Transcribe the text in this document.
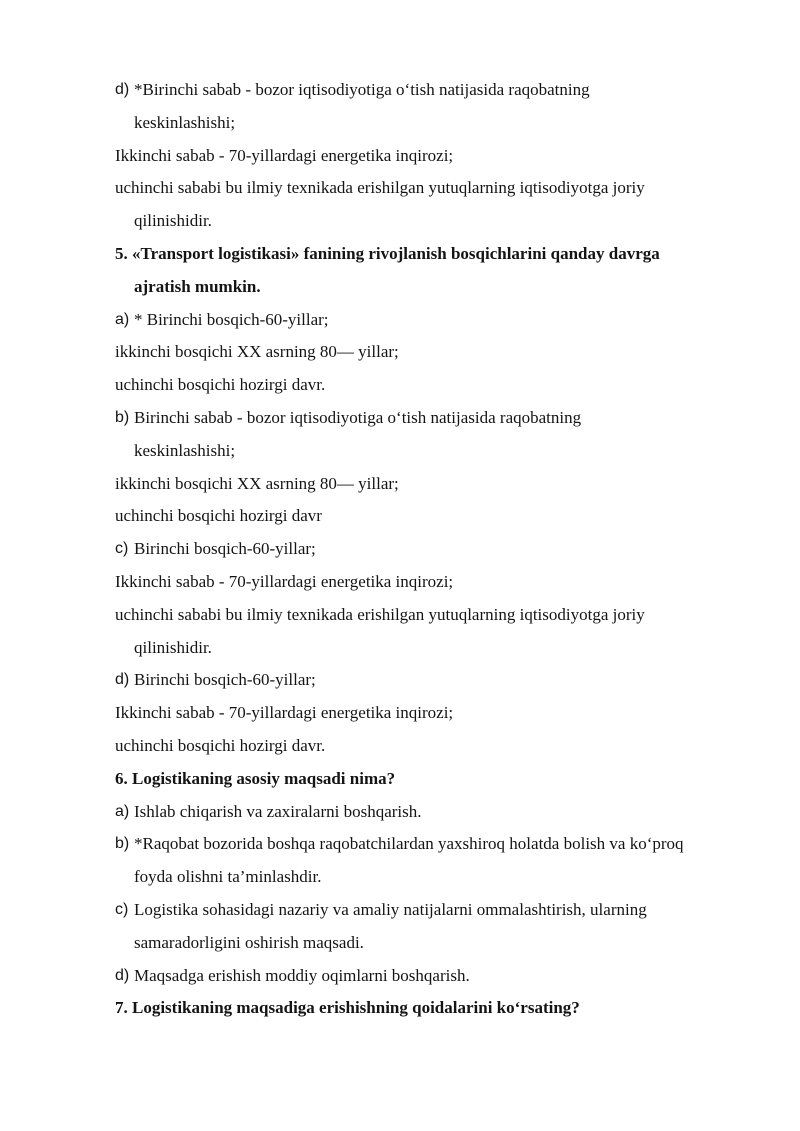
d) *Birinchi sabab - bozor iqtisodiyotiga o‘tish natijasida raqobatning
keskinlashishi;
Ikkinchi sabab - 70-yillardagi energetika inqirozi;
uchinchi sababi bu ilmiy texnikada erishilgan yutuqlarning iqtisodiyotga joriy
qilinishidir.
5. «Transport logistikasi» fanining rivojlanish bosqichlarini qanday davrga
ajratish mumkin.
a) * Birinchi bosqich-60-yillar;
ikkinchi bosqichi XX asrning 80— yillar;
uchinchi bosqichi hozirgi davr.
b) Birinchi sabab - bozor iqtisodiyotiga o‘tish natijasida raqobatning
keskinlashishi;
ikkinchi bosqichi XX asrning 80— yillar;
uchinchi bosqichi hozirgi davr
c) Birinchi bosqich-60-yillar;
Ikkinchi sabab - 70-yillardagi energetika inqirozi;
uchinchi sababi bu ilmiy texnikada erishilgan yutuqlarning iqtisodiyotga joriy
qilinishidir.
d) Birinchi bosqich-60-yillar;
Ikkinchi sabab - 70-yillardagi energetika inqirozi;
uchinchi bosqichi hozirgi davr.
6. Logistikaning asosiy maqsadi nima?
a) Ishlab chiqarish va zaxiralarni boshqarish.
b) *Raqobat bozorida boshqa raqobatchilardan yaxshiroq holatda bolish va ko‘proq
foyda olishni ta’minlashdir.
c) Logistika sohasidagi nazariy va amaliy natijalarni ommalashtirish, ularning
samaradorligini oshirish maqsadi.
d) Maqsadga erishish moddiy oqimlarni boshqarish.
7. Logistikaning maqsadiga erishishning qoidalarini ko‘rsating?
